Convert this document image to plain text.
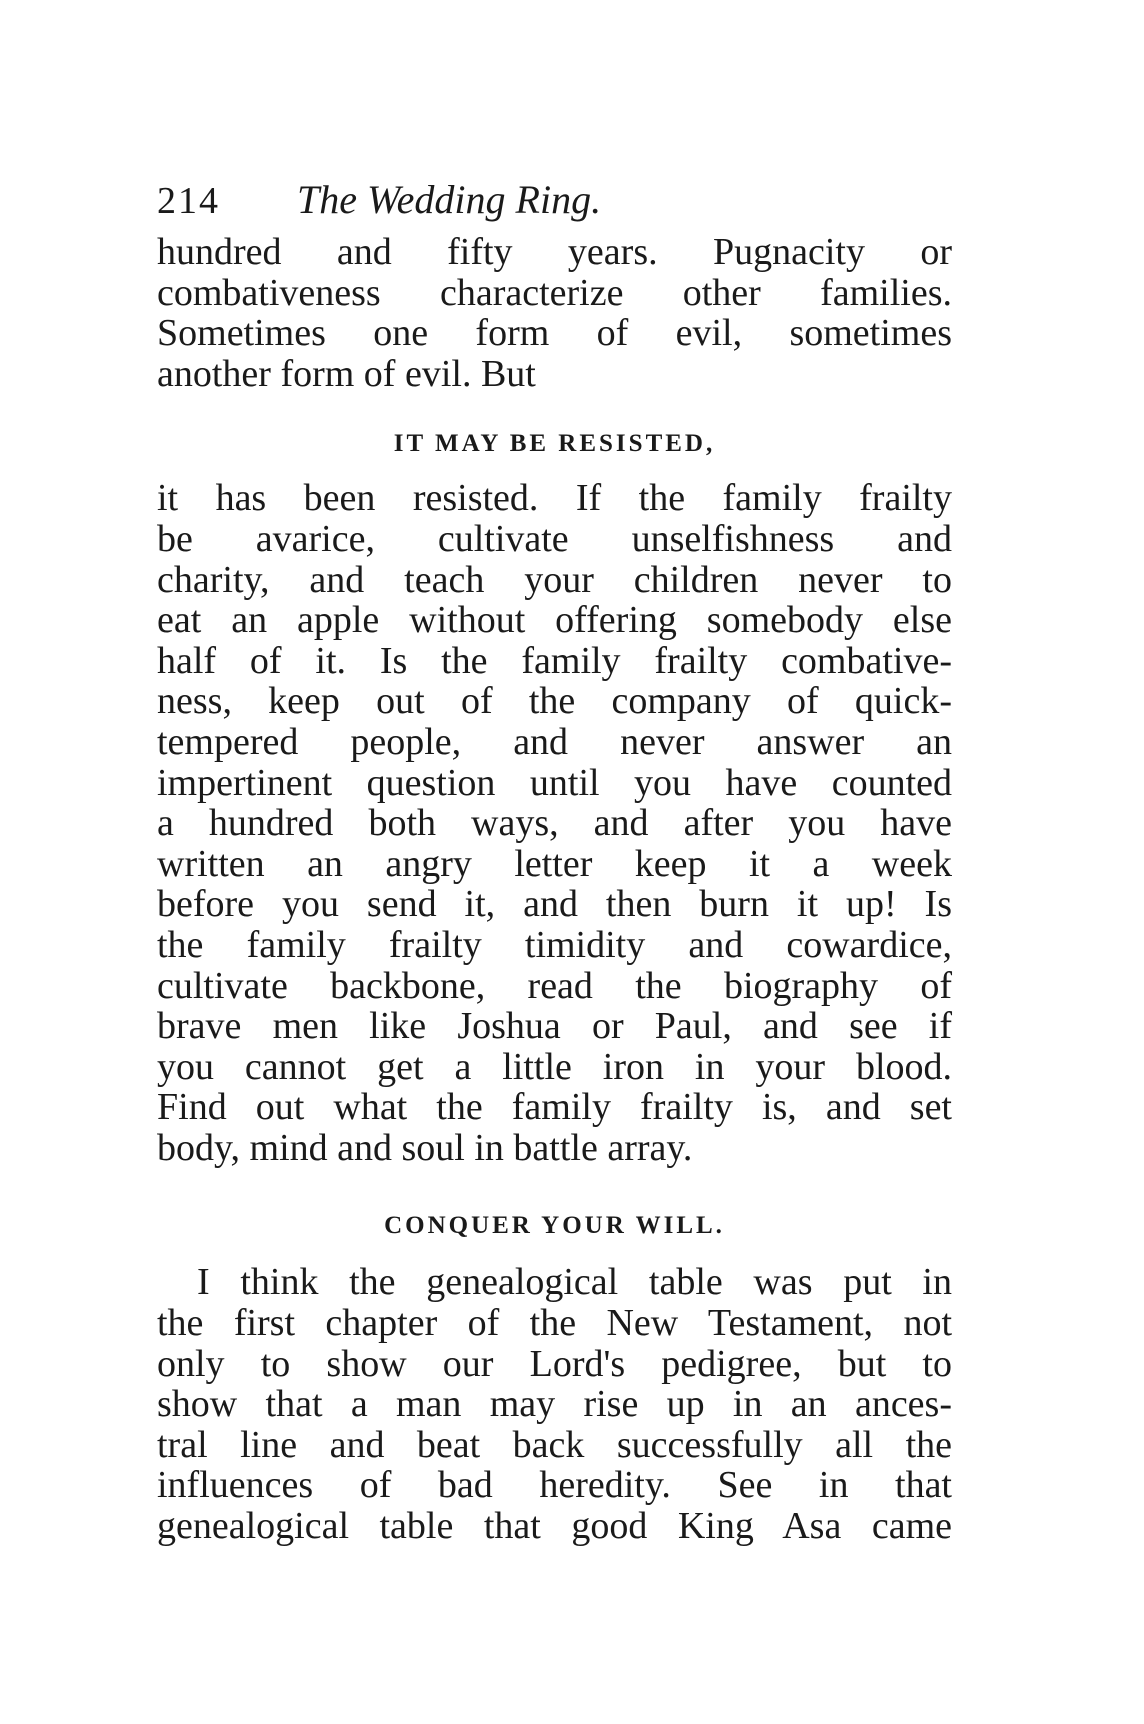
214	The Wedding Ring.

hundred and fifty years. Pugnacity or
combativeness characterize other families.
Sometimes one form of evil, sometimes
another form of evil. But

IT MAY BE RESISTED,

it has been resisted. If the family frailty
be avarice, cultivate unselfishness and
charity, and teach your children never to
eat an apple without offering somebody else
half of it. Is the family frailty combative-
ness, keep out of the company of quick-
tempered people, and never answer an
impertinent question until you have counted
a hundred both ways, and after you have
written an angry letter keep it a week
before you send it, and then burn it up! Is
the family frailty timidity and cowardice,
cultivate backbone, read the biography of
brave men like Joshua or Paul, and see if
you cannot get a little iron in your blood.
Find out what the family frailty is, and set
body, mind and soul in battle array.

CONQUER YOUR WILL.

I think the genealogical table was put in
the first chapter of the New Testament, not
only to show our Lord's pedigree, but to
show that a man may rise up in an ances-
tral line and beat back successfully all the
influences of bad heredity. See in that
genealogical table that good King Asa came
